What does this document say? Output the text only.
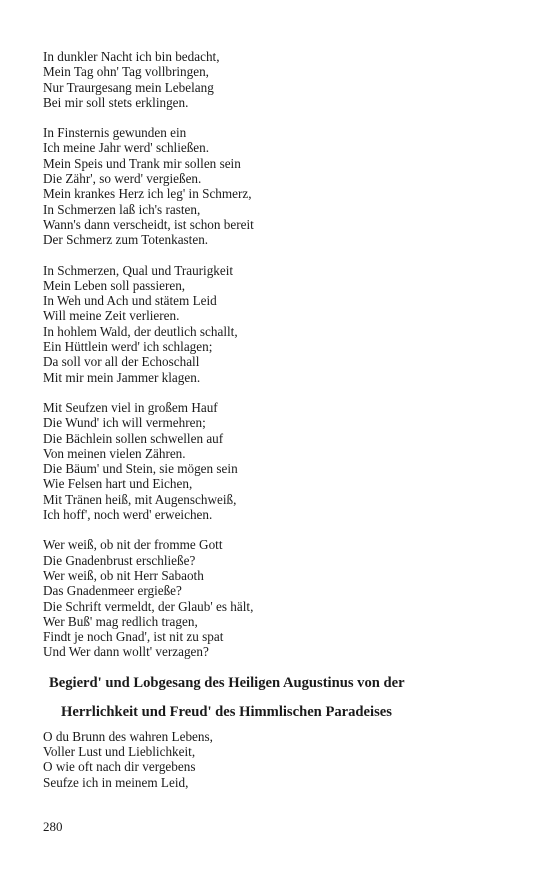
In dunkler Nacht ich bin bedacht,

Mein Tag ohn' Tag vollbringen,

Nur Traurgesang mein Lebelang

Bei mir soll stets erklingen.

In Finsternis gewunden ein

Ich meine Jahr werd' schließen.

Mein Speis und Trank mir sollen sein

Die Zähr', so werd' vergießen.

Mein krankes Herz ich leg' in Schmerz,

In Schmerzen laß ich's rasten,

Wann's dann verscheidt, ist schon bereit

Der Schmerz zum Totenkasten.

In Schmerzen, Qual und Traurigkeit

Mein Leben soll passieren,

In Weh und Ach und stätem Leid

Will meine Zeit verlieren.

In hohlem Wald, der deutlich schallt,

Ein Hüttlein werd' ich schlagen;

Da soll vor all der Echoschall

Mit mir mein Jammer klagen.

Mit Seufzen viel in großem Hauf

Die Wund' ich will vermehren;

Die Bächlein sollen schwellen auf

Von meinen vielen Zähren.

Die Bäum' und Stein, sie mögen sein

Wie Felsen hart und Eichen,

Mit Tränen heiß, mit Augenschweiß,

Ich hoff', noch werd' erweichen.

Wer weiß, ob nit der fromme Gott

Die Gnadenbrust erschließe?

Wer weiß, ob nit Herr Sabaoth

Das Gnadenmeer ergieße?

Die Schrift vermeldt, der Glaub' es hält,

Wer Buß' mag redlich tragen,

Findt je noch Gnad', ist nit zu spat

Und Wer dann wollt' verzagen?

Begierd' und Lobgesang des Heiligen Augustinus von der

Herrlichkeit und Freud' des Himmlischen Paradeises

O du Brunn des wahren Lebens,

Voller Lust und Lieblichkeit,

O wie oft nach dir vergebens

Seufze ich in meinem Leid,

280
